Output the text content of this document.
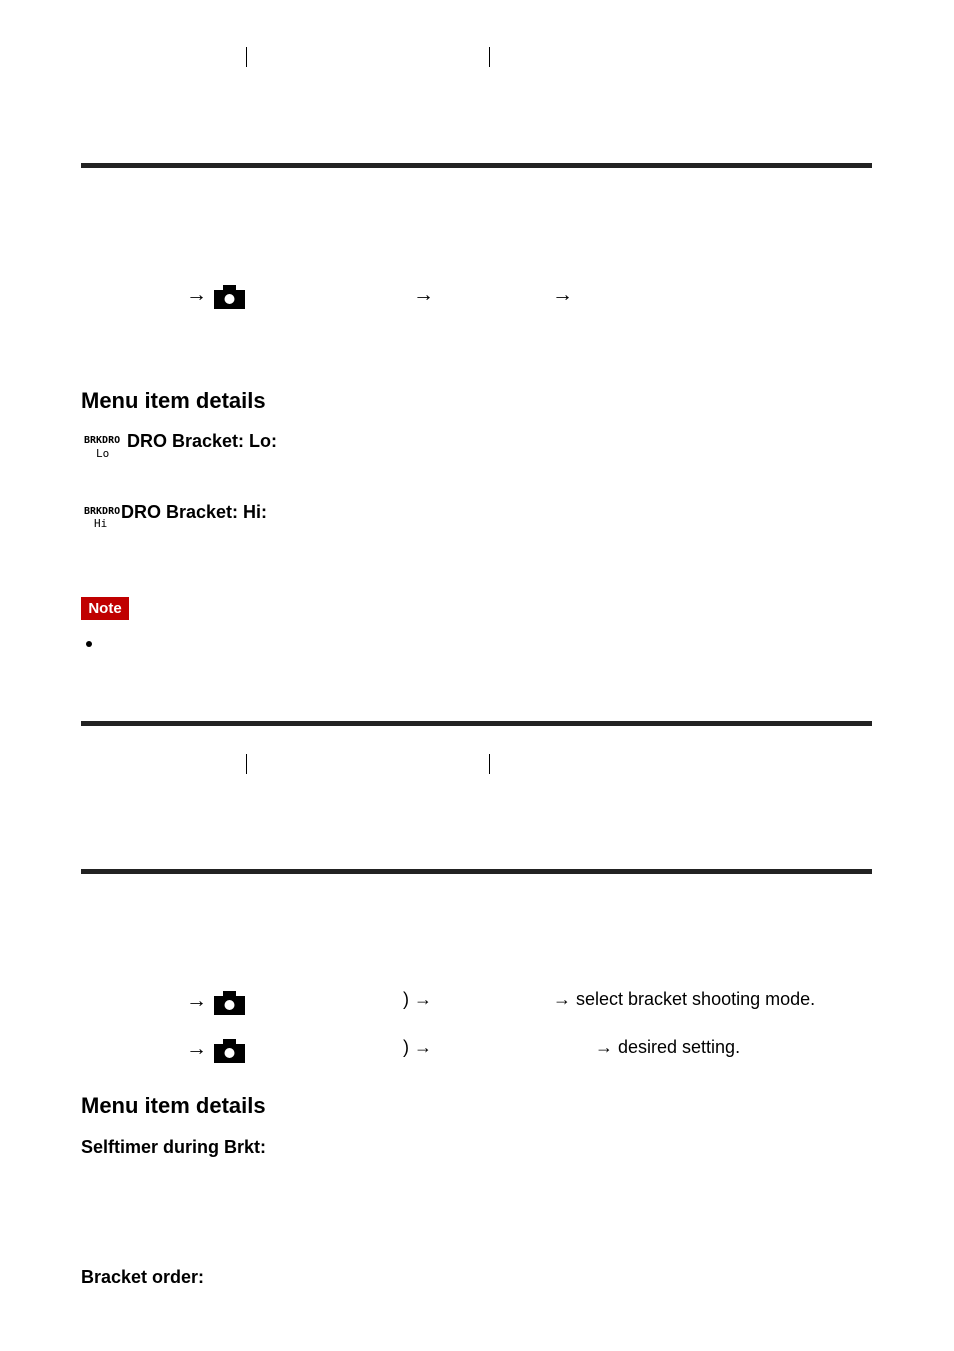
→	→	→
Menu item details
BRKDRO
Lo
DRO Bracket: Lo:
BRKDRO
Hi
DRO Bracket: Hi:
Note
→	) →	→ select bracket shooting mode.
→	) →	→ desired setting.
Menu item details
Selftimer during Brkt:
Bracket order:
